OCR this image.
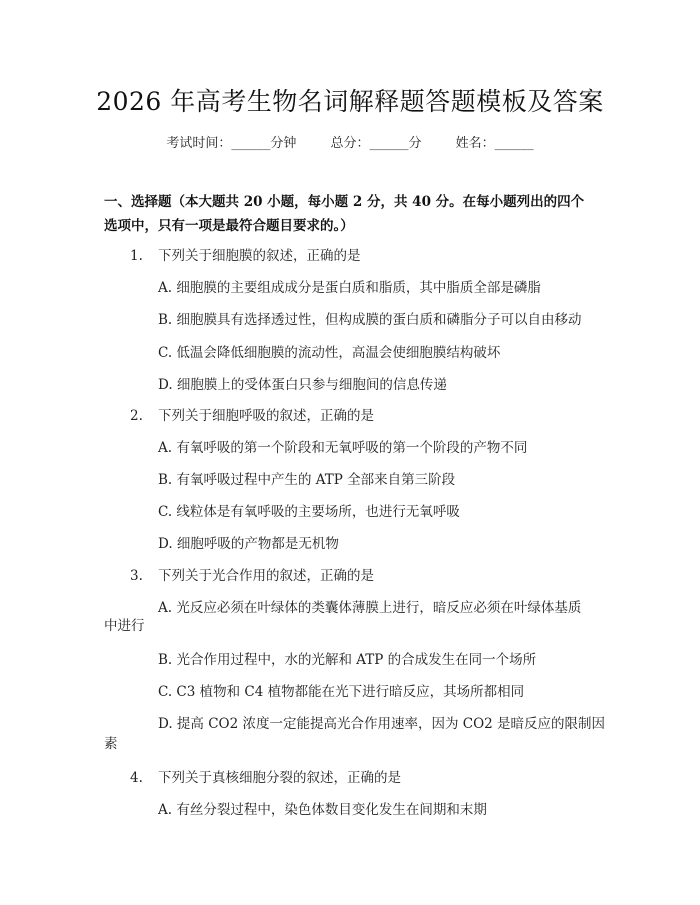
2026 年高考生物名词解释题答题模板及答案
考试时间：______分钟	总分：______分	姓名：______
一、选择题（本大题共 20 小题，每小题 2 分，共 40 分。在每小题列出的四个选项中，只有一项是最符合题目要求的。）
1. 下列关于细胞膜的叙述，正确的是
A. 细胞膜的主要组成成分是蛋白质和脂质，其中脂质全部是磷脂
B. 细胞膜具有选择透过性，但构成膜的蛋白质和磷脂分子可以自由移动
C. 低温会降低细胞膜的流动性，高温会使细胞膜结构破坏
D. 细胞膜上的受体蛋白只参与细胞间的信息传递
2. 下列关于细胞呼吸的叙述，正确的是
A. 有氧呼吸的第一个阶段和无氧呼吸的第一个阶段的产物不同
B. 有氧呼吸过程中产生的 ATP 全部来自第三阶段
C. 线粒体是有氧呼吸的主要场所，也进行无氧呼吸
D. 细胞呼吸的产物都是无机物
3. 下列关于光合作用的叙述，正确的是
A. 光反应必须在叶绿体的类囊体薄膜上进行，暗反应必须在叶绿体基质
中进行
B. 光合作用过程中，水的光解和 ATP 的合成发生在同一个场所
C. C3 植物和 C4 植物都能在光下进行暗反应，其场所都相同
D. 提高 CO2 浓度一定能提高光合作用速率，因为 CO2 是暗反应的限制因
素
4. 下列关于真核细胞分裂的叙述，正确的是
A. 有丝分裂过程中，染色体数目变化发生在间期和末期
